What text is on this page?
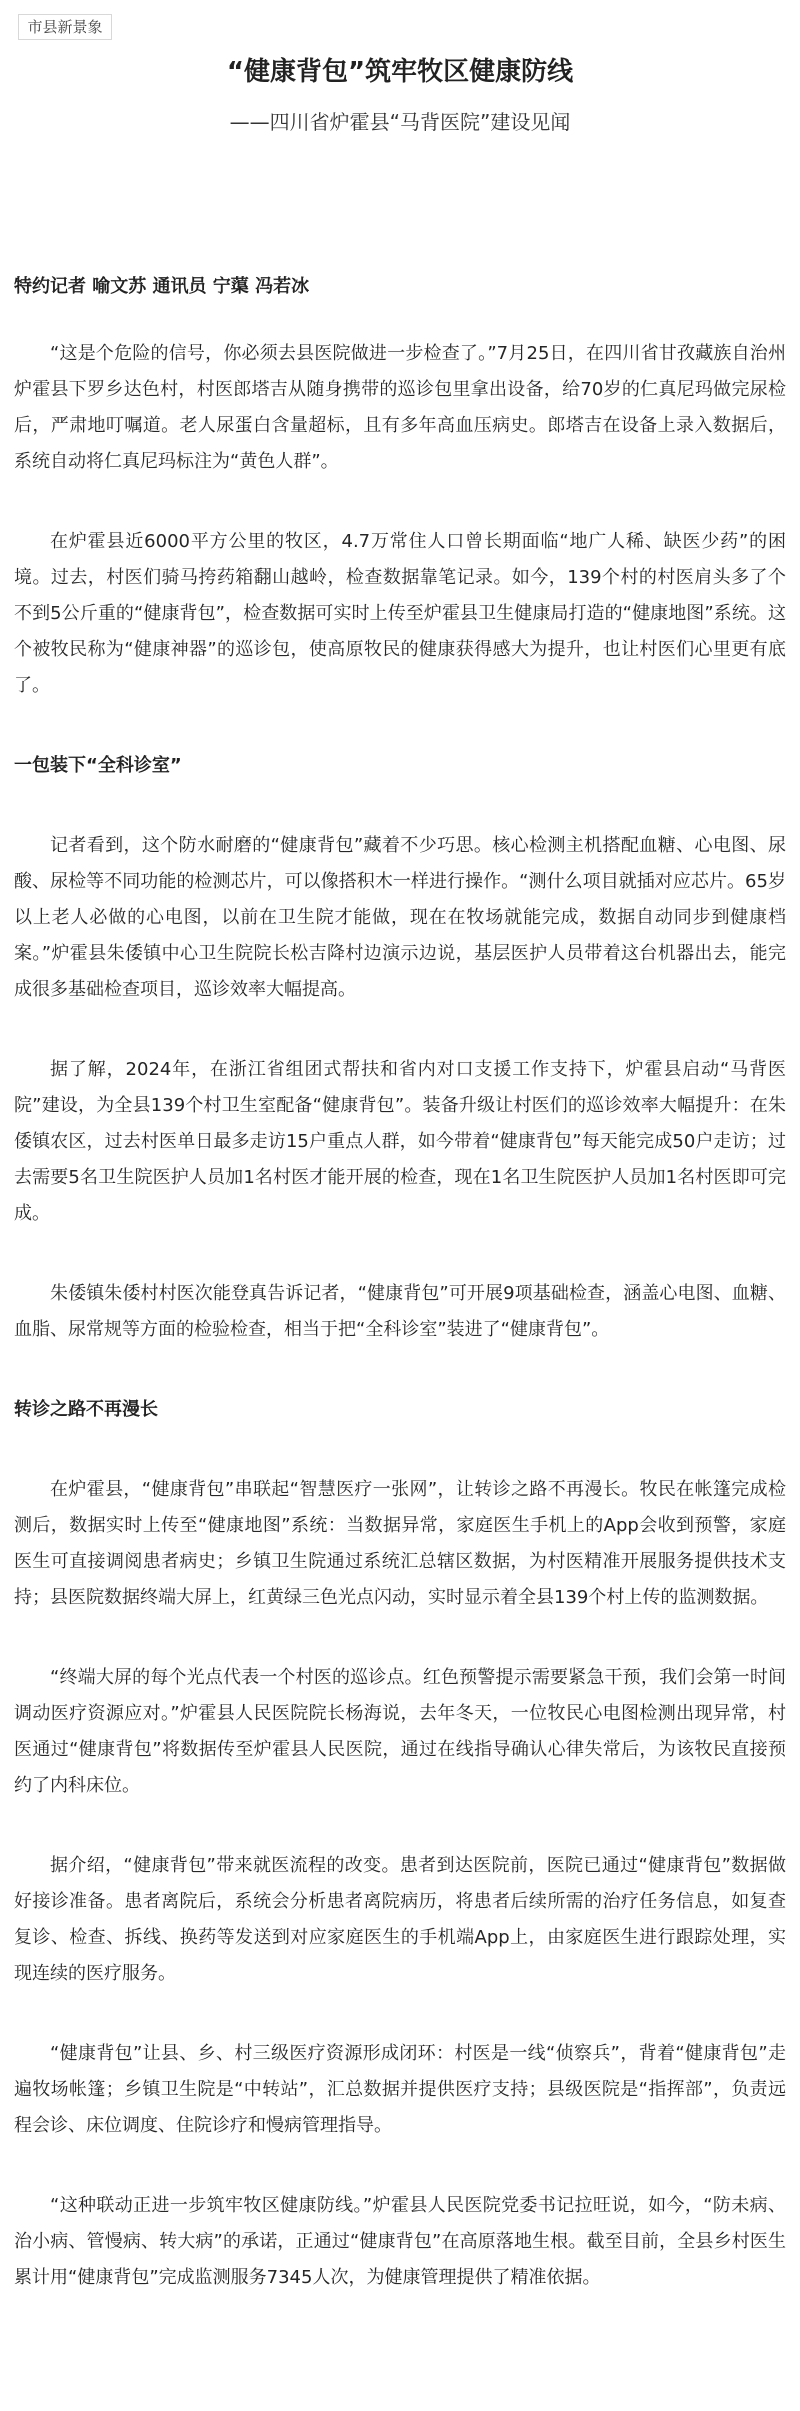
市县新景象
“健康背包”筑牢牧区健康防线
——四川省炉霍县“马背医院”建设见闻
特约记者 喻文苏 通讯员 宁蕖 冯若冰

“这是个危险的信号，你必须去县医院做进一步检查了。”7月25日，在四川省甘孜藏族自治州炉霍县下罗乡达色村，村医郎塔吉从随身携带的巡诊包里拿出设备，给70岁的仁真尼玛做完尿检后，严肃地叮嘱道。老人尿蛋白含量超标，且有多年高血压病史。郎塔吉在设备上录入数据后，系统自动将仁真尼玛标注为“黄色人群”。

在炉霍县近6000平方公里的牧区，4.7万常住人口曾长期面临“地广人稀、缺医少药”的困境。过去，村医们骑马挎药箱翻山越岭，检查数据靠笔记录。如今，139个村的村医肩头多了个不到5公斤重的“健康背包”，检查数据可实时上传至炉霍县卫生健康局打造的“健康地图”系统。这个被牧民称为“健康神器”的巡诊包，使高原牧民的健康获得感大为提升，也让村医们心里更有底了。

一包装下“全科诊室”

记者看到，这个防水耐磨的“健康背包”藏着不少巧思。核心检测主机搭配血糖、心电图、尿酸、尿检等不同功能的检测芯片，可以像搭积木一样进行操作。“测什么项目就插对应芯片。65岁以上老人必做的心电图，以前在卫生院才能做，现在在牧场就能完成，数据自动同步到健康档案。”炉霍县朱倭镇中心卫生院院长松吉降村边演示边说，基层医护人员带着这台机器出去，能完成很多基础检查项目，巡诊效率大幅提高。

据了解，2024年，在浙江省组团式帮扶和省内对口支援工作支持下，炉霍县启动“马背医院”建设，为全县139个村卫生室配备“健康背包”。装备升级让村医们的巡诊效率大幅提升：在朱倭镇农区，过去村医单日最多走访15户重点人群，如今带着“健康背包”每天能完成50户走访；过去需要5名卫生院医护人员加1名村医才能开展的检查，现在1名卫生院医护人员加1名村医即可完成。

朱倭镇朱倭村村医次能登真告诉记者，“健康背包”可开展9项基础检查，涵盖心电图、血糖、血脂、尿常规等方面的检验检查，相当于把“全科诊室”装进了“健康背包”。

转诊之路不再漫长

在炉霍县，“健康背包”串联起“智慧医疗一张网”，让转诊之路不再漫长。牧民在帐篷完成检测后，数据实时上传至“健康地图”系统：当数据异常，家庭医生手机上的App会收到预警，家庭医生可直接调阅患者病史；乡镇卫生院通过系统汇总辖区数据，为村医精准开展服务提供技术支持；县医院数据终端大屏上，红黄绿三色光点闪动，实时显示着全县139个村上传的监测数据。

“终端大屏的每个光点代表一个村医的巡诊点。红色预警提示需要紧急干预，我们会第一时间调动医疗资源应对。”炉霍县人民医院院长杨海说，去年冬天，一位牧民心电图检测出现异常，村医通过“健康背包”将数据传至炉霍县人民医院，通过在线指导确认心律失常后，为该牧民直接预约了内科床位。

据介绍，“健康背包”带来就医流程的改变。患者到达医院前，医院已通过“健康背包”数据做好接诊准备。患者离院后，系统会分析患者离院病历，将患者后续所需的治疗任务信息，如复查复诊、检查、拆线、换药等发送到对应家庭医生的手机端App上，由家庭医生进行跟踪处理，实现连续的医疗服务。

“健康背包”让县、乡、村三级医疗资源形成闭环：村医是一线“侦察兵”，背着“健康背包”走遍牧场帐篷；乡镇卫生院是“中转站”，汇总数据并提供医疗支持；县级医院是“指挥部”，负责远程会诊、床位调度、住院诊疗和慢病管理指导。

“这种联动正进一步筑牢牧区健康防线。”炉霍县人民医院党委书记拉旺说，如今，“防未病、治小病、管慢病、转大病”的承诺，正通过“健康背包”在高原落地生根。截至目前，全县乡村医生累计用“健康背包”完成监测服务7345人次，为健康管理提供了精准依据。
